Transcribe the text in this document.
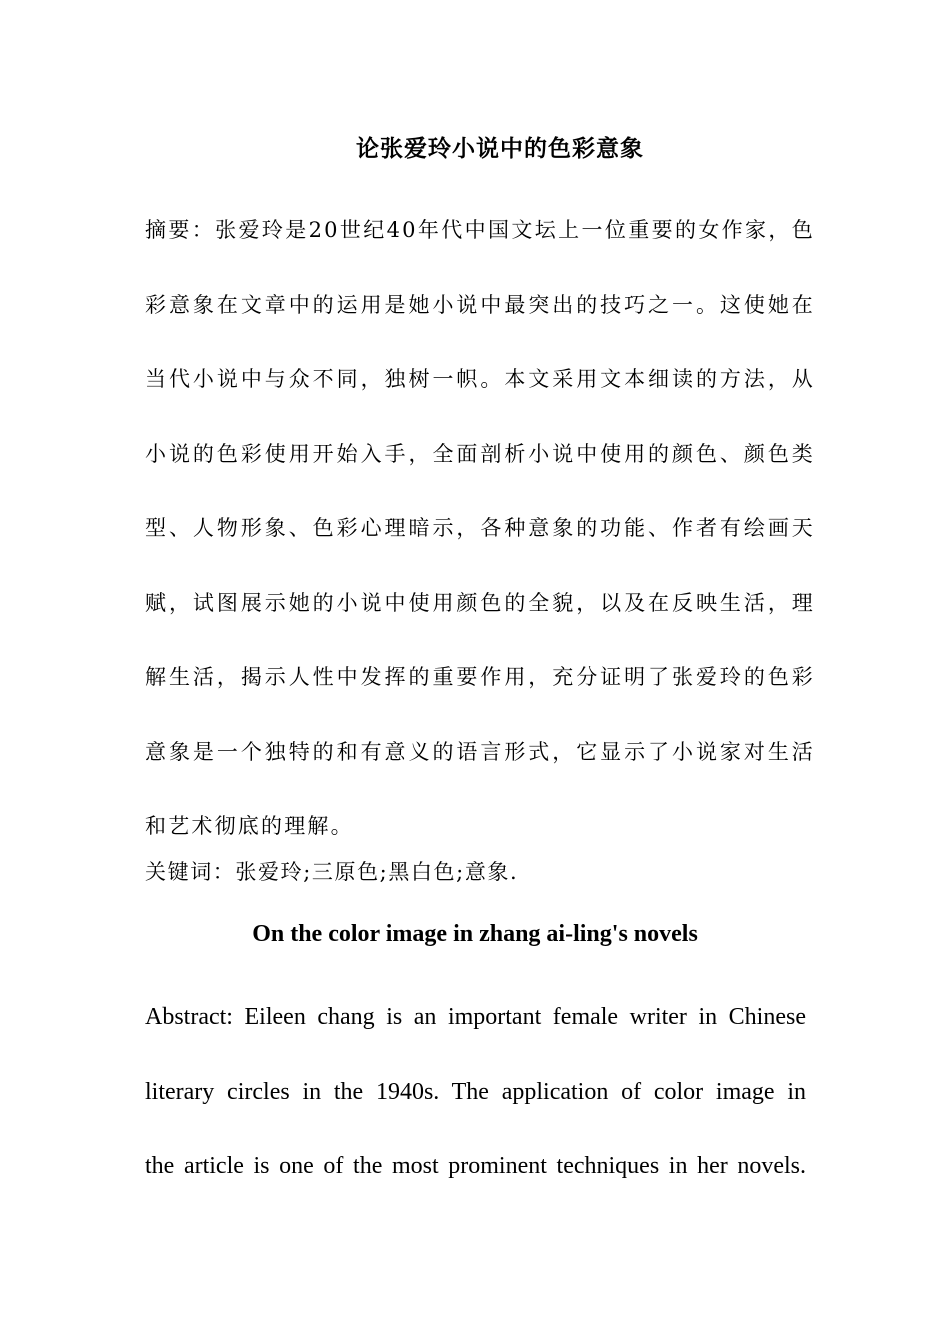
论张爱玲小说中的色彩意象
摘要：张爱玲是20世纪40年代中国文坛上一位重要的女作家，色彩意象在文章中的运用是她小说中最突出的技巧之一。这使她在当代小说中与众不同，独树一帜。本文采用文本细读的方法，从小说的色彩使用开始入手，全面剖析小说中使用的颜色、颜色类型、人物形象、色彩心理暗示，各种意象的功能、作者有绘画天赋，试图展示她的小说中使用颜色的全貌，以及在反映生活，理解生活，揭示人性中发挥的重要作用，充分证明了张爱玲的色彩意象是一个独特的和有意义的语言形式，它显示了小说家对生活和艺术彻底的理解。
关键词：张爱玲;三原色;黑白色;意象.
On the color image in zhang ai-ling's novels
Abstract: Eileen chang is an important female writer in Chinese
literary circles in the 1940s. The application of color image in
the article is one of the most prominent techniques in her novels.
